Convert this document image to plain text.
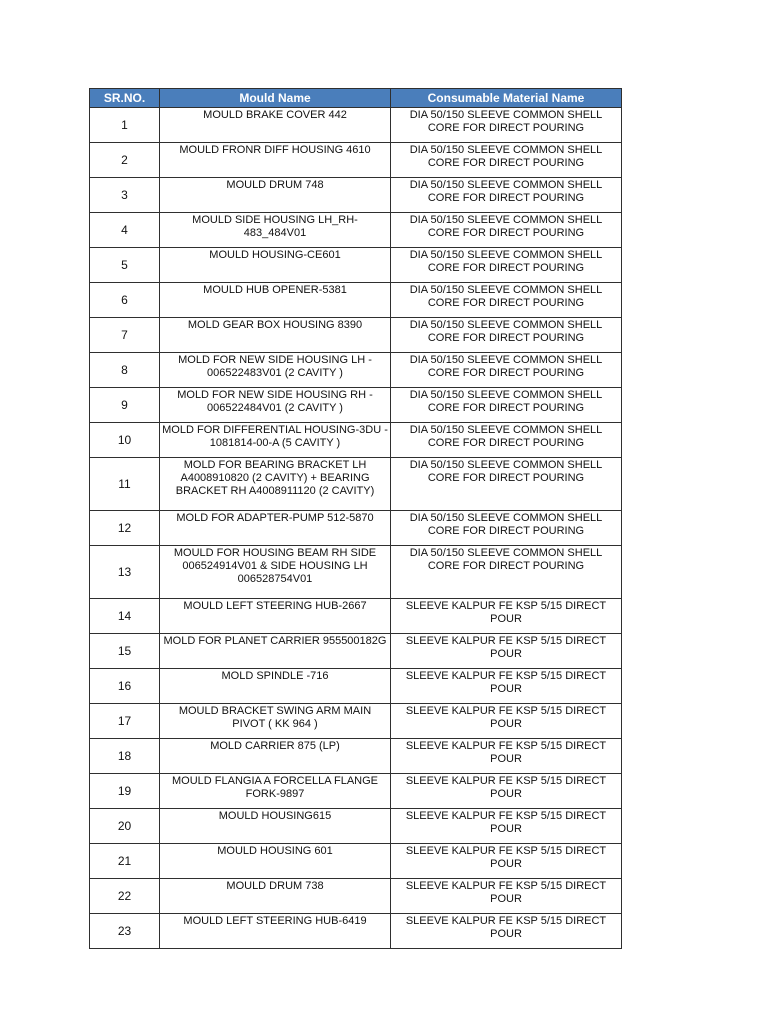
SR.NO.	Mould Name	Consumable Material Name
1	MOULD BRAKE COVER 442	DIA 50/150 SLEEVE COMMON SHELL CORE FOR DIRECT POURING

2	MOULD FRONR DIFF HOUSING 4610	DIA 50/150 SLEEVE COMMON SHELL CORE FOR DIRECT POURING

3	MOULD DRUM 748	DIA 50/150 SLEEVE COMMON SHELL CORE FOR DIRECT POURING

4	MOULD SIDE HOUSING LH_RH-483_484V01	DIA 50/150 SLEEVE COMMON SHELL CORE FOR DIRECT POURING

5	MOULD HOUSING-CE601	DIA 50/150 SLEEVE COMMON SHELL CORE FOR DIRECT POURING

6	MOULD HUB OPENER-5381	DIA 50/150 SLEEVE COMMON SHELL CORE FOR DIRECT POURING

7	MOLD GEAR BOX HOUSING 8390	DIA 50/150 SLEEVE COMMON SHELL CORE FOR DIRECT POURING

8	MOLD FOR NEW SIDE HOUSING LH - 006522483V01 (2 CAVITY )	DIA 50/150 SLEEVE COMMON SHELL CORE FOR DIRECT POURING

9	MOLD FOR NEW SIDE HOUSING RH - 006522484V01 (2 CAVITY )	DIA 50/150 SLEEVE COMMON SHELL CORE FOR DIRECT POURING

10	MOLD FOR DIFFERENTIAL HOUSING-3DU - 1081814-00-A (5 CAVITY )	DIA 50/150 SLEEVE COMMON SHELL CORE FOR DIRECT POURING

11	MOLD FOR BEARING BRACKET LH A4008910820 (2 CAVITY) + BEARING BRACKET RH A4008911120 (2 CAVITY)	DIA 50/150 SLEEVE COMMON SHELL CORE FOR DIRECT POURING

12	MOLD FOR ADAPTER-PUMP 512-5870	DIA 50/150 SLEEVE COMMON SHELL CORE FOR DIRECT POURING

13	MOULD FOR HOUSING BEAM RH SIDE 006524914V01 & SIDE HOUSING LH 006528754V01	DIA 50/150 SLEEVE COMMON SHELL CORE FOR DIRECT POURING

14	MOULD LEFT STEERING HUB-2667	SLEEVE KALPUR FE KSP 5/15 DIRECT POUR

15	MOLD FOR PLANET CARRIER 955500182G	SLEEVE KALPUR FE KSP 5/15 DIRECT POUR

16	MOLD SPINDLE -716	SLEEVE KALPUR FE KSP 5/15 DIRECT POUR

17	MOULD BRACKET SWING ARM MAIN PIVOT ( KK 964 )	SLEEVE KALPUR FE KSP 5/15 DIRECT POUR

18	MOLD CARRIER 875 (LP)	SLEEVE KALPUR FE KSP 5/15 DIRECT POUR

19	MOULD FLANGIA A FORCELLA FLANGE FORK-9897	SLEEVE KALPUR FE KSP 5/15 DIRECT POUR

20	MOULD HOUSING615	SLEEVE KALPUR FE KSP 5/15 DIRECT POUR

21	MOULD HOUSING 601	SLEEVE KALPUR FE KSP 5/15 DIRECT POUR

22	MOULD DRUM 738	SLEEVE KALPUR FE KSP 5/15 DIRECT POUR

23	MOULD LEFT STEERING HUB-6419	SLEEVE KALPUR FE KSP 5/15 DIRECT POUR
